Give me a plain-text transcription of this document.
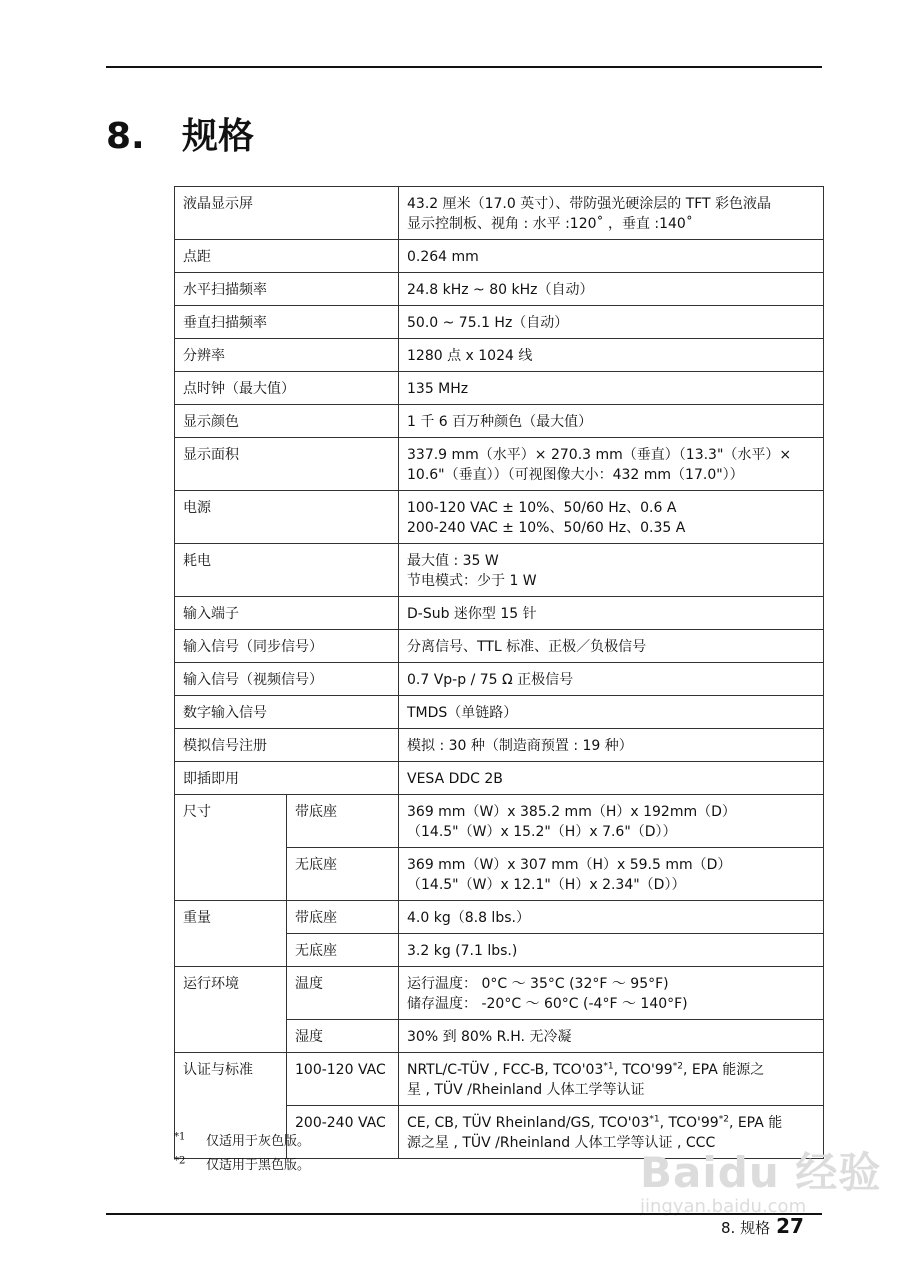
8. 规格
液晶显示屏		43.2 厘米（17.0 英寸）、带防强光硬涂层的 TFT 彩色液晶
显示控制板、视角 : 水平 :120˚ ，垂直 :140˚
点距		0.264 mm
水平扫描频率		24.8 kHz ~ 80 kHz（自动）
垂直扫描频率		50.0 ~ 75.1 Hz（自动）
分辨率		1280 点 x 1024 线
点时钟（最大值）		135 MHz
显示颜色		1 千 6 百万种颜色（最大值）
显示面积		337.9 mm（水平）× 270.3 mm（垂直）（13.3"（水平）×
10.6"（垂直））（可视图像大小：432 mm（17.0"））
电源		100-120 VAC ± 10%、50/60 Hz、0.6 A
200-240 VAC ± 10%、50/60 Hz、0.35 A
耗电		最大值 : 35 W
节电模式：少于 1 W
输入端子		D-Sub 迷你型 15 针
输入信号（同步信号）		分离信号、TTL 标准、正极／负极信号
输入信号（视频信号）		0.7 Vp-p / 75 Ω 正极信号
数字输入信号		TMDS（单链路）
模拟信号注册		模拟 : 30 种（制造商预置 : 19 种）
即插即用		VESA DDC 2B
尺寸	带底座	369 mm（W）x 385.2 mm（H）x 192mm（D）
（14.5"（W）x 15.2"（H）x 7.6"（D））
	无底座	369 mm（W）x 307 mm（H）x 59.5 mm（D）
（14.5"（W）x 12.1"（H）x 2.34"（D））
重量	带底座	4.0 kg（8.8 lbs.）
	无底座	3.2 kg (7.1 lbs.)
运行环境	温度	运行温度： 0°C ～ 35°C (32°F ～ 95°F)
储存温度： -20°C ～ 60°C (-4°F ～ 140°F)
	湿度	30% 到 80% R.H. 无冷凝
认证与标准	100-120 VAC	NRTL/C-TÜV , FCC-B, TCO'03$^{*1}$, TCO'99$^{*2}$, EPA 能源之
星 , TÜV /Rheinland 人体工学等认证
	200-240 VAC	CE, CB, TÜV Rheinland/GS, TCO'03$^{*1}$, TCO'99$^{*2}$, EPA 能
源之星 , TÜV /Rheinland 人体工学等认证 , CCC
$^{*1}$ 仅适用于灰色版。
$^{*2}$ 仅适用于黑色版。	Baidu 经验
jingyan.baidu.com
8. 规格 27
